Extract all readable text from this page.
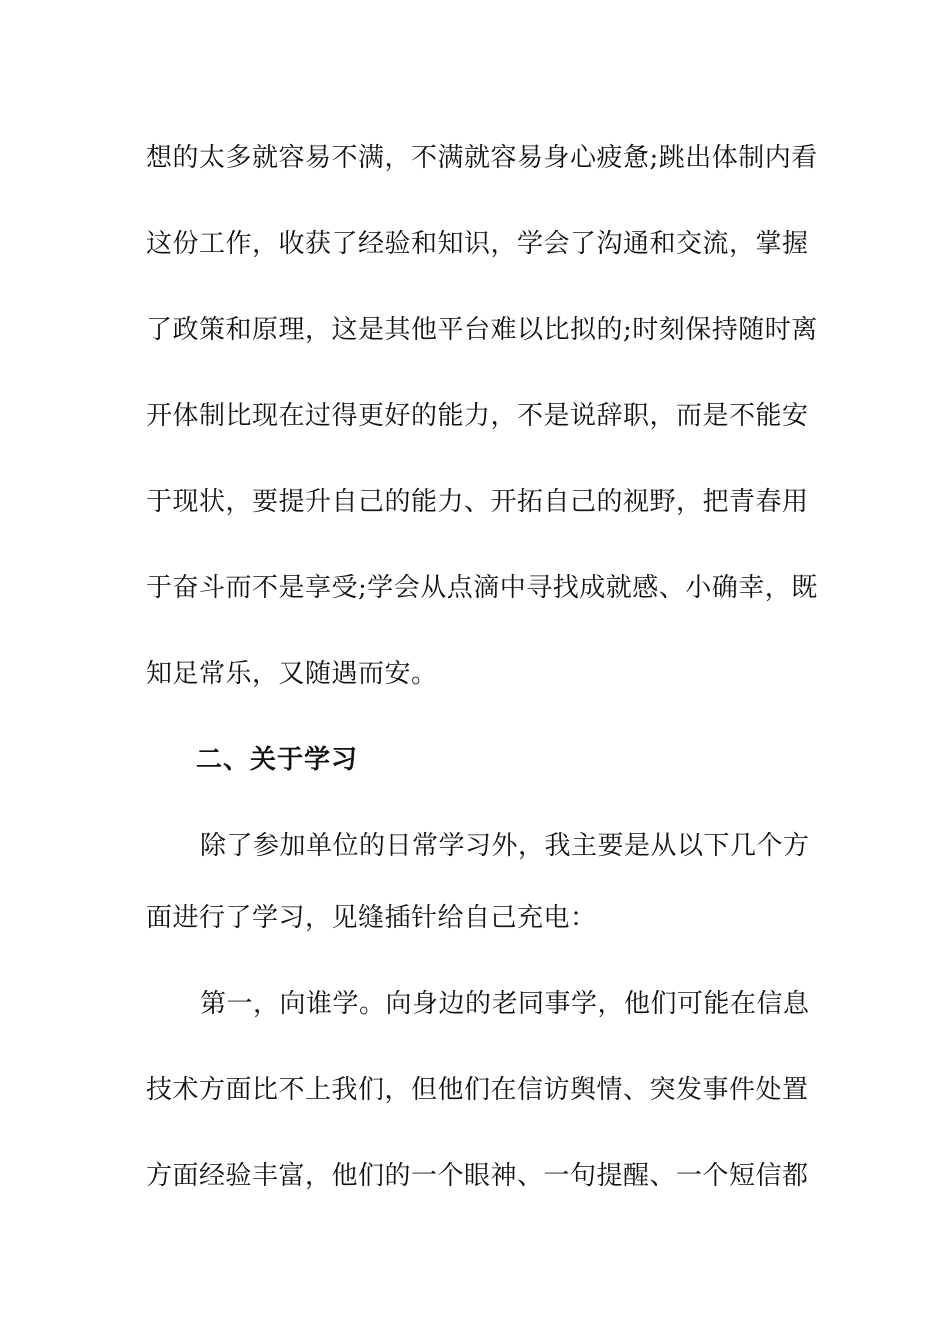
想的太多就容易不满，不满就容易身心疲惫;跳出体制内看
这份工作，收获了经验和知识，学会了沟通和交流，掌握
了政策和原理，这是其他平台难以比拟的;时刻保持随时离
开体制比现在过得更好的能力，不是说辞职，而是不能安
于现状，要提升自己的能力、开拓自己的视野，把青春用
于奋斗而不是享受;学会从点滴中寻找成就感、小确幸，既
知足常乐，又随遇而安。
二、关于学习
除了参加单位的日常学习外，我主要是从以下几个方
面进行了学习，见缝插针给自己充电：
第一，向谁学。向身边的老同事学，他们可能在信息
技术方面比不上我们，但他们在信访舆情、突发事件处置
方面经验丰富，他们的一个眼神、一句提醒、一个短信都
